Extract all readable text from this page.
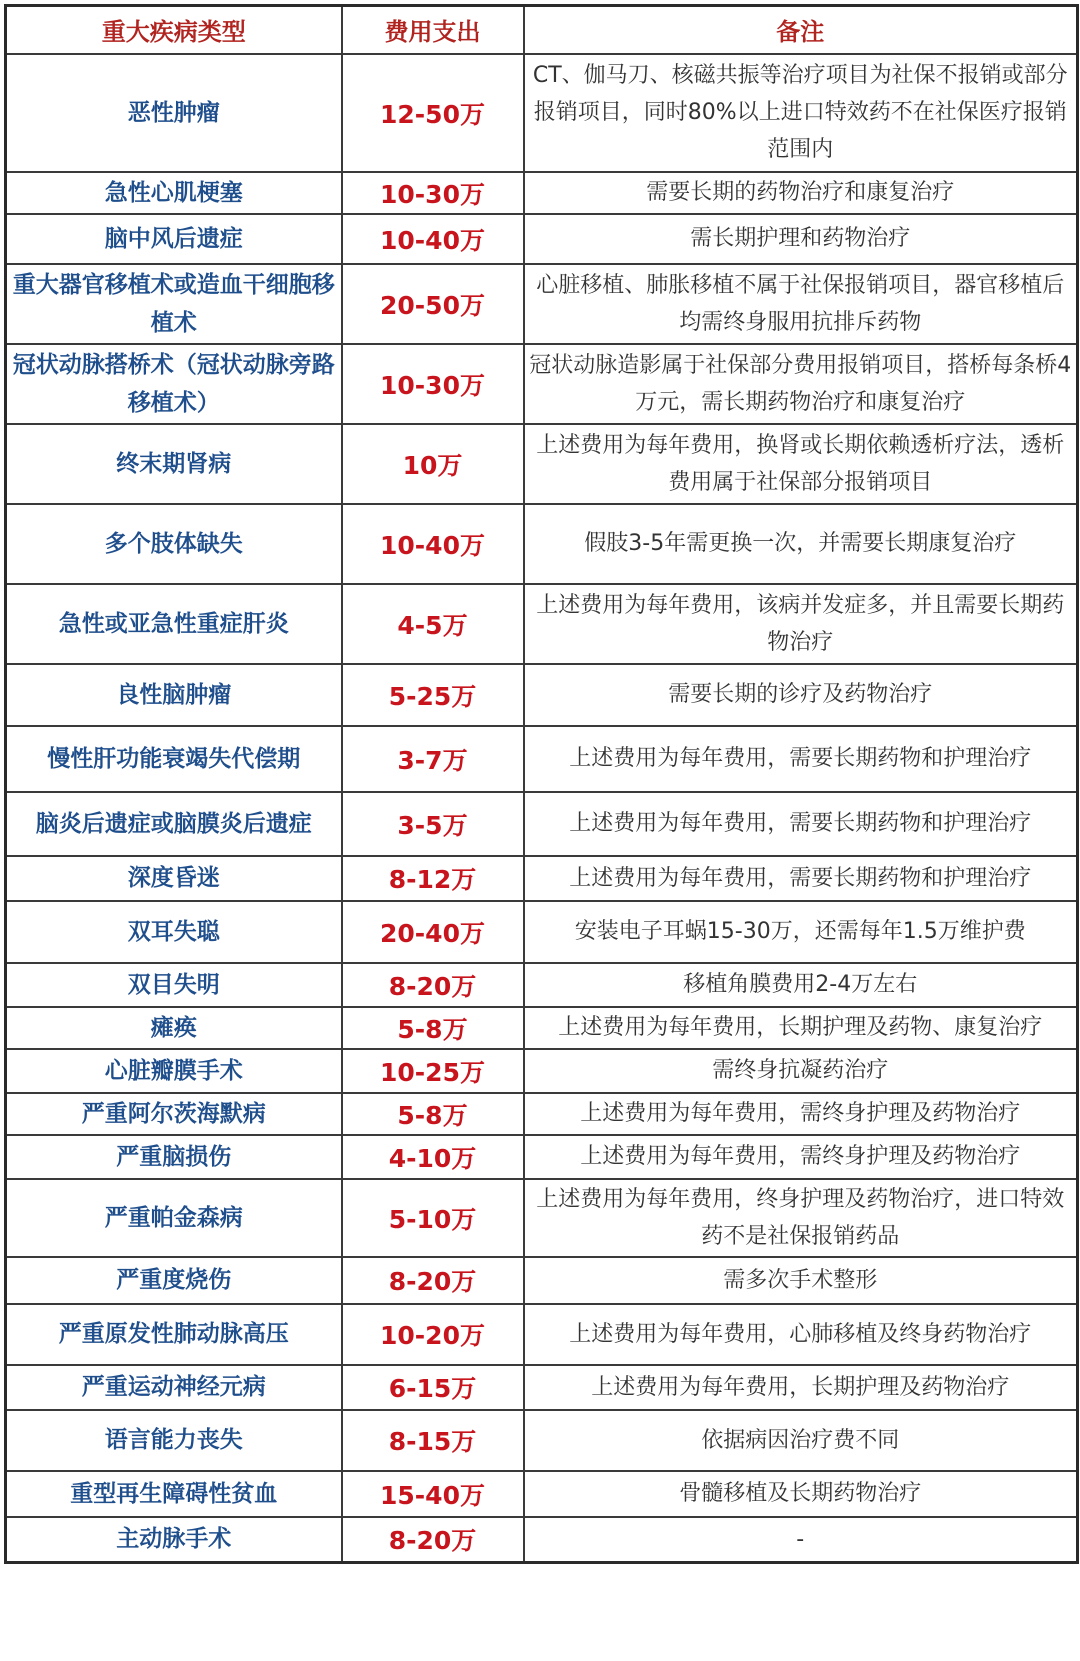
重大疾病类型	费用支出	备注
恶性肿瘤	12-50万	CT、伽马刀、核磁共振等治疗项目为社保不报销或部分报销项目，同时80%以上进口特效药不在社保医疗报销范围内
急性心肌梗塞	10-30万	需要长期的药物治疗和康复治疗
脑中风后遗症	10-40万	需长期护理和药物治疗
重大器官移植术或造血干细胞移植术	20-50万	心脏移植、肺胀移植不属于社保报销项目，器官移植后均需终身服用抗排斥药物
冠状动脉搭桥术（冠状动脉旁路移植术）	10-30万	冠状动脉造影属于社保部分费用报销项目，搭桥每条桥4万元，需长期药物治疗和康复治疗
终末期肾病	10万	上述费用为每年费用，换肾或长期依赖透析疗法，透析费用属于社保部分报销项目
多个肢体缺失	10-40万	假肢3-5年需更换一次，并需要长期康复治疗
急性或亚急性重症肝炎	4-5万	上述费用为每年费用，该病并发症多，并且需要长期药物治疗
良性脑肿瘤	5-25万	需要长期的诊疗及药物治疗
慢性肝功能衰竭失代偿期	3-7万	上述费用为每年费用，需要长期药物和护理治疗
脑炎后遗症或脑膜炎后遗症	3-5万	上述费用为每年费用，需要长期药物和护理治疗
深度昏迷	8-12万	上述费用为每年费用，需要长期药物和护理治疗
双耳失聪	20-40万	安装电子耳蜗15-30万，还需每年1.5万维护费
双目失明	8-20万	移植角膜费用2-4万左右
瘫痪	5-8万	上述费用为每年费用，长期护理及药物、康复治疗
心脏瓣膜手术	10-25万	需终身抗凝药治疗
严重阿尔茨海默病	5-8万	上述费用为每年费用，需终身护理及药物治疗
严重脑损伤	4-10万	上述费用为每年费用，需终身护理及药物治疗
严重帕金森病	5-10万	上述费用为每年费用，终身护理及药物治疗，进口特效药不是社保报销药品
严重度烧伤	8-20万	需多次手术整形
严重原发性肺动脉高压	10-20万	上述费用为每年费用，心肺移植及终身药物治疗
严重运动神经元病	6-15万	上述费用为每年费用，长期护理及药物治疗
语言能力丧失	8-15万	依据病因治疗费不同
重型再生障碍性贫血	15-40万	骨髓移植及长期药物治疗
主动脉手术	8-20万	-
